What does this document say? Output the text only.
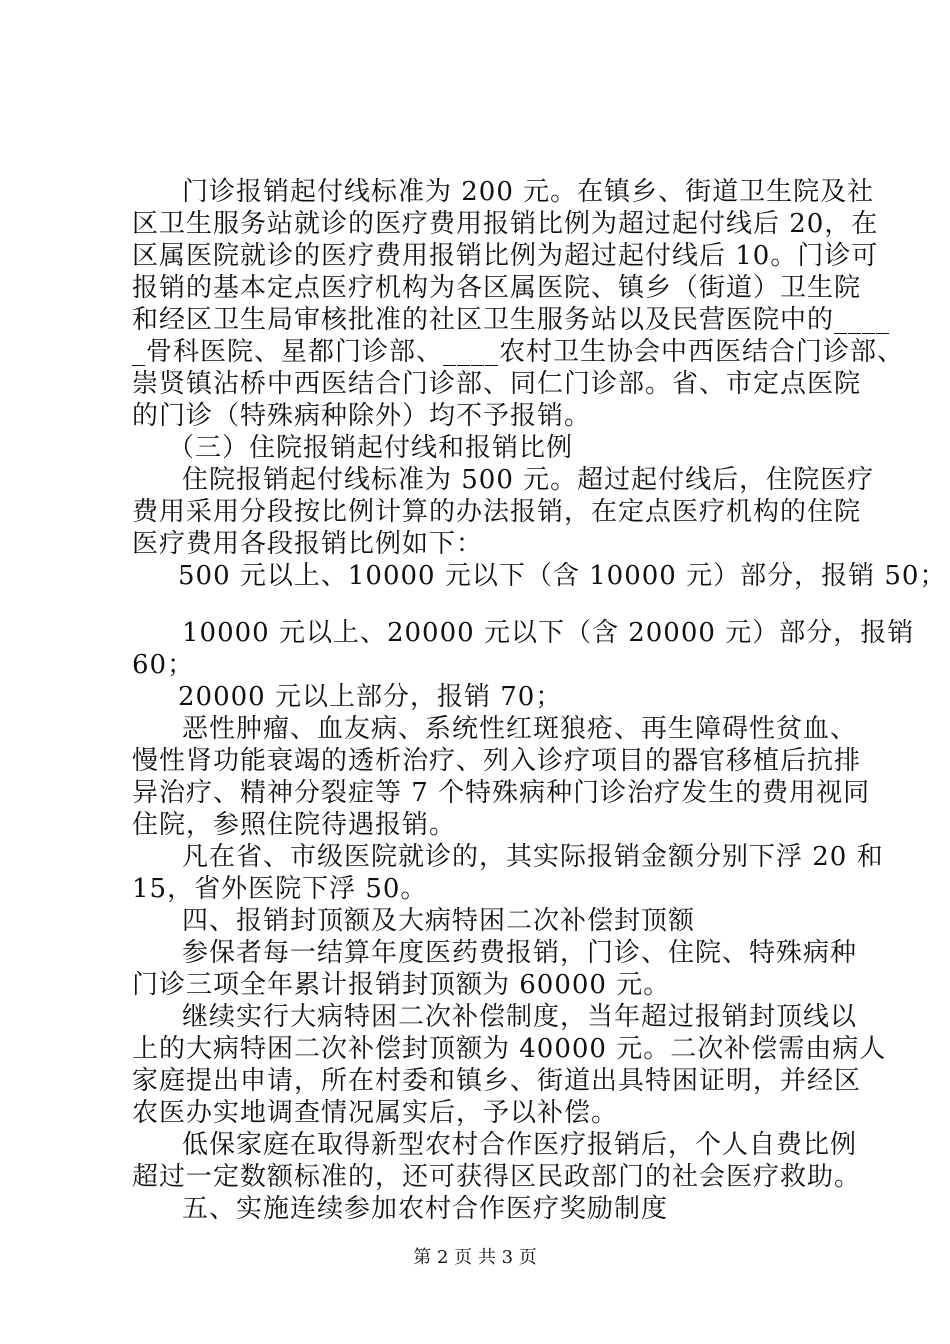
门诊报销起付线标准为 200 元。在镇乡、街道卫生院及社
区卫生服务站就诊的医疗费用报销比例为超过起付线后 20，在
区属医院就诊的医疗费用报销比例为超过起付线后 10。门诊可
报销的基本定点医疗机构为各区属医院、镇乡（街道）卫生院
和经区卫生局审核批准的社区卫生服务站以及民营医院中的____
_骨科医院、星都门诊部、____农村卫生协会中西医结合门诊部、
崇贤镇沾桥中西医结合门诊部、同仁门诊部。省、市定点医院
的门诊（特殊病种除外）均不予报销。
（三）住院报销起付线和报销比例
住院报销起付线标准为 500 元。超过起付线后，住院医疗
费用采用分段按比例计算的办法报销，在定点医疗机构的住院
医疗费用各段报销比例如下：
500 元以上、10000 元以下（含 10000 元）部分，报销 50；
10000 元以上、20000 元以下（含 20000 元）部分，报销
60；
20000 元以上部分，报销 70；
恶性肿瘤、血友病、系统性红斑狼疮、再生障碍性贫血、
慢性肾功能衰竭的透析治疗、列入诊疗项目的器官移植后抗排
异治疗、精神分裂症等 7 个特殊病种门诊治疗发生的费用视同
住院，参照住院待遇报销。
凡在省、市级医院就诊的，其实际报销金额分别下浮 20 和
15，省外医院下浮 50。
四、报销封顶额及大病特困二次补偿封顶额
参保者每一结算年度医药费报销，门诊、住院、特殊病种
门诊三项全年累计报销封顶额为 60000 元。
继续实行大病特困二次补偿制度，当年超过报销封顶线以
上的大病特困二次补偿封顶额为 40000 元。二次补偿需由病人
家庭提出申请，所在村委和镇乡、街道出具特困证明，并经区
农医办实地调查情况属实后，予以补偿。
低保家庭在取得新型农村合作医疗报销后，个人自费比例
超过一定数额标准的，还可获得区民政部门的社会医疗救助。
五、实施连续参加农村合作医疗奖励制度
第 2 页 共 3 页
